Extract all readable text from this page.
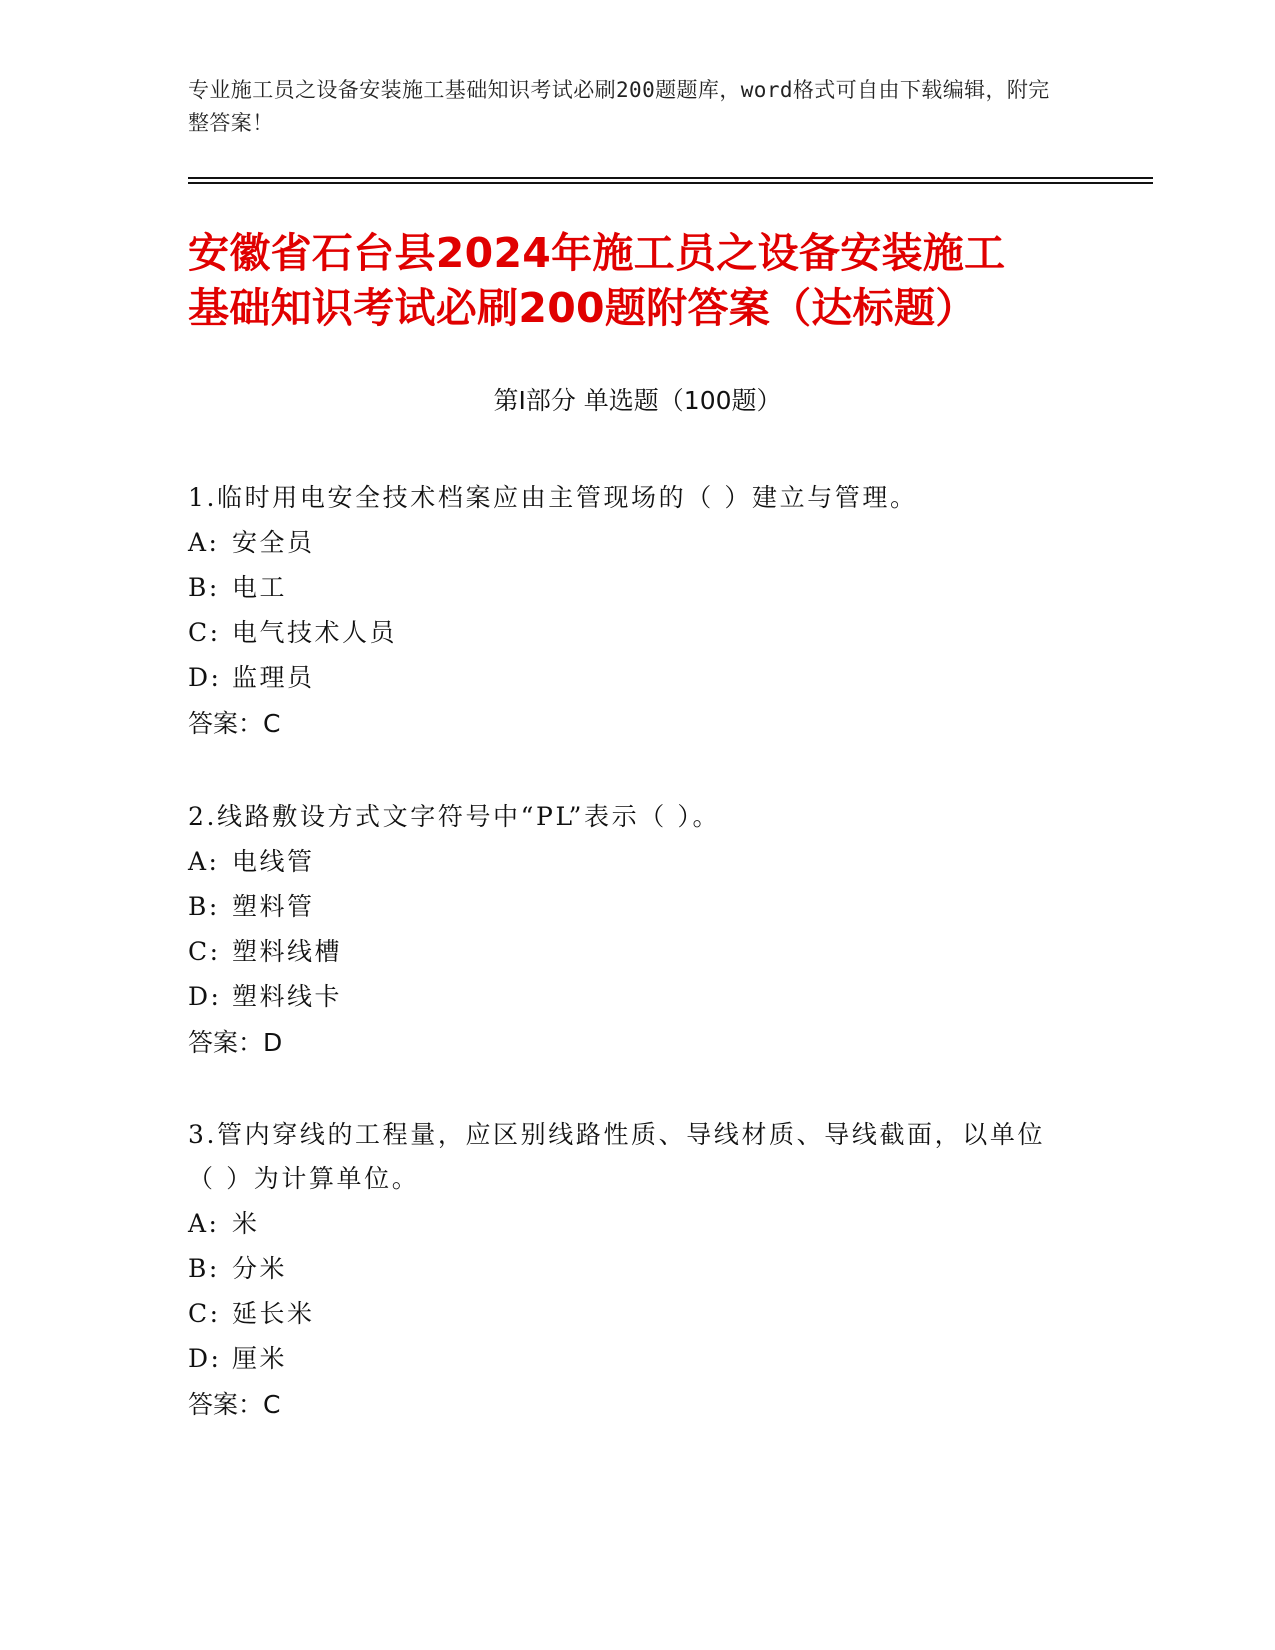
专业施工员之设备安装施工基础知识考试必刷200题题库，word格式可自由下载编辑，附完整答案！
安徽省石台县2024年施工员之设备安装施工
基础知识考试必刷200题附答案（达标题）
第Ⅰ部分 单选题（100题）
1.临时用电安全技术档案应由主管现场的（ ）建立与管理。
A: 安全员
B: 电工
C: 电气技术人员
D: 监理员
答案：C
2.线路敷设方式文字符号中“PL”表示（ ）。
A: 电线管
B: 塑料管
C: 塑料线槽
D: 塑料线卡
答案：D
3.管内穿线的工程量，应区别线路性质、导线材质、导线截面，以单位（ ）为计算单位。
A: 米
B: 分米
C: 延长米
D: 厘米
答案：C
